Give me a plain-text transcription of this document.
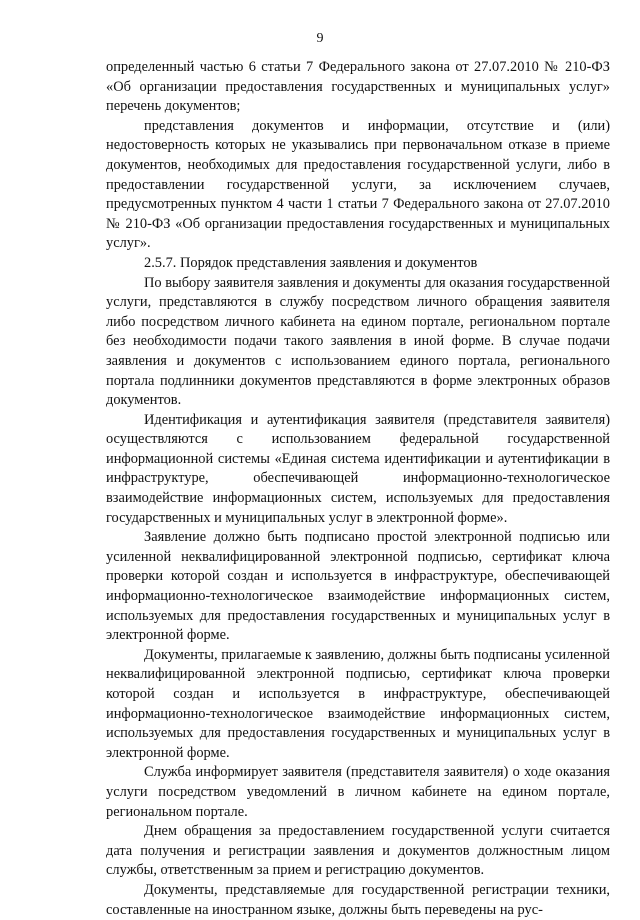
9

определенный частью 6 статьи 7 Федерального закона от 27.07.2010 № 210-ФЗ «Об организации предоставления государственных и муниципальных услуг» перечень документов;

представления документов и информации, отсутствие и (или) недостоверность которых не указывались при первоначальном отказе в приеме документов, необходимых для предоставления государственной услуги, либо в предоставлении государственной услуги, за исключением случаев, предусмотренных пунктом 4 части 1 статьи 7 Федерального закона от 27.07.2010 № 210-ФЗ «Об организации предоставления государственных и муниципальных услуг».

2.5.7. Порядок представления заявления и документов

По выбору заявителя заявления и документы для оказания государственной услуги, представляются в службу посредством личного обращения заявителя либо посредством личного кабинета на едином портале, региональном портале без необходимости подачи такого заявления в иной форме. В случае подачи заявления и документов с использованием единого портала, регионального портала подлинники документов представляются в форме электронных образов документов.

Идентификация и аутентификация заявителя (представителя заявителя) осуществляются с использованием федеральной государственной информационной системы «Единая система идентификации и аутентификации в инфраструктуре, обеспечивающей информационно-технологическое взаимодействие информационных систем, используемых для предоставления государственных и муниципальных услуг в электронной форме».

Заявление должно быть подписано простой электронной подписью или усиленной неквалифицированной электронной подписью, сертификат ключа проверки которой создан и используется в инфраструктуре, обеспечивающей информационно-технологическое взаимодействие информационных систем, используемых для предоставления государственных и муниципальных услуг в электронной форме.

Документы, прилагаемые к заявлению, должны быть подписаны усиленной неквалифицированной электронной подписью, сертификат ключа проверки которой создан и используется в инфраструктуре, обеспечивающей информационно-технологическое взаимодействие информационных систем, используемых для предоставления государственных и муниципальных услуг в электронной форме.

Служба информирует заявителя (представителя заявителя) о ходе оказания услуги посредством уведомлений в личном кабинете на едином портале, региональном портале.

Днем обращения за предоставлением государственной услуги считается дата получения и регистрации заявления и документов должностным лицом службы, ответственным за прием и регистрацию документов.

Документы, представляемые для государственной регистрации техники, составленные на иностранном языке, должны быть переведены на рус-
